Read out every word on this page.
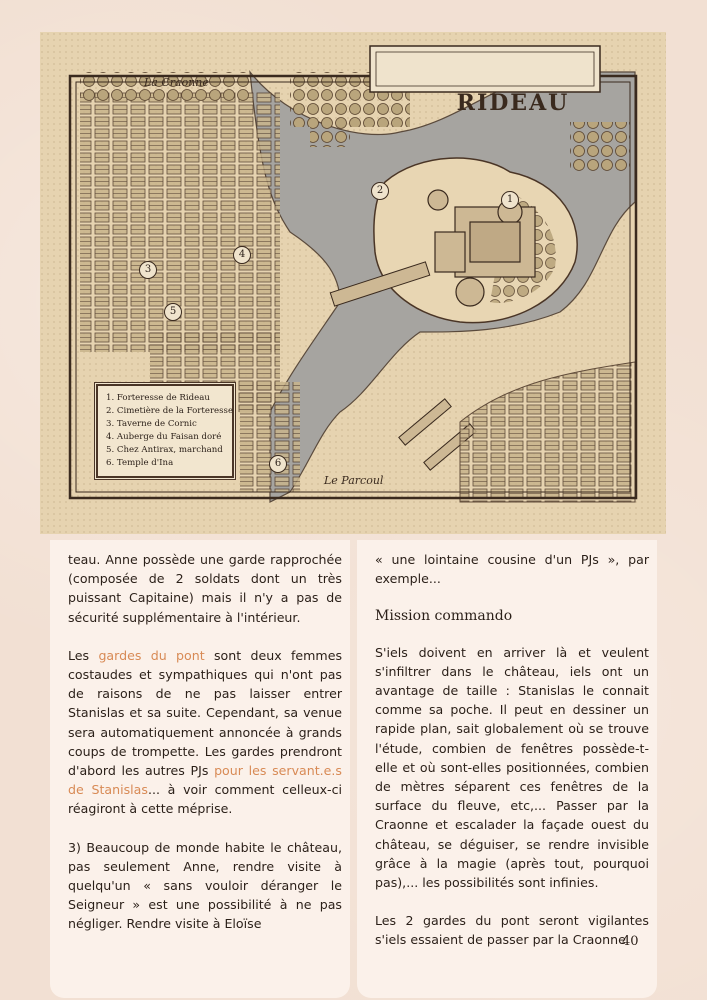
RIDEAU
La Craonne
Le Parcoul
1
2
3
4
5
6
1. Forteresse de Rideau
2. Cimetière de la Forteresse
3. Taverne de Cornic
4. Auberge du Faisan doré
5. Chez Antirax, marchand
6. Temple d'Ina

teau. Anne possède une garde rapprochée (composée de 2 soldats dont un très puissant Capitaine) mais il n'y a pas de sécurité supplémentaire à l'intérieur.

Les gardes du pont sont deux femmes costaudes et sympathiques qui n'ont pas de raisons de ne pas laisser entrer Stanislas et sa suite. Cependant, sa venue sera automatiquement annoncée à grands coups de trompette. Les gardes prendront d'abord les autres PJs pour les servant.e.s de Stanislas... à voir comment celleux-ci réagiront à cette méprise.

3) Beaucoup de monde habite le château, pas seulement Anne, rendre visite à quelqu'un « sans vouloir déranger le Seigneur » est une possibilité à ne pas négliger. Rendre visite à Eloïse

« une lointaine cousine d'un PJs », par exemple...

Mission commando

S'iels doivent en arriver là et veulent s'infiltrer dans le château, iels ont un avantage de taille : Stanislas le connait comme sa poche. Il peut en dessiner un rapide plan, sait globalement où se trouve l'étude, combien de fenêtres possède-t-elle et où sont-elles positionnées, combien de mètres séparent ces fenêtres de la surface du fleuve, etc,... Passer par la Craonne et escalader la façade ouest du château, se déguiser, se rendre invisible grâce à la magie (après tout, pourquoi pas),... les possibilités sont infinies.

Les 2 gardes du pont seront vigilantes s'iels essaient de passer par la Craonne

40
